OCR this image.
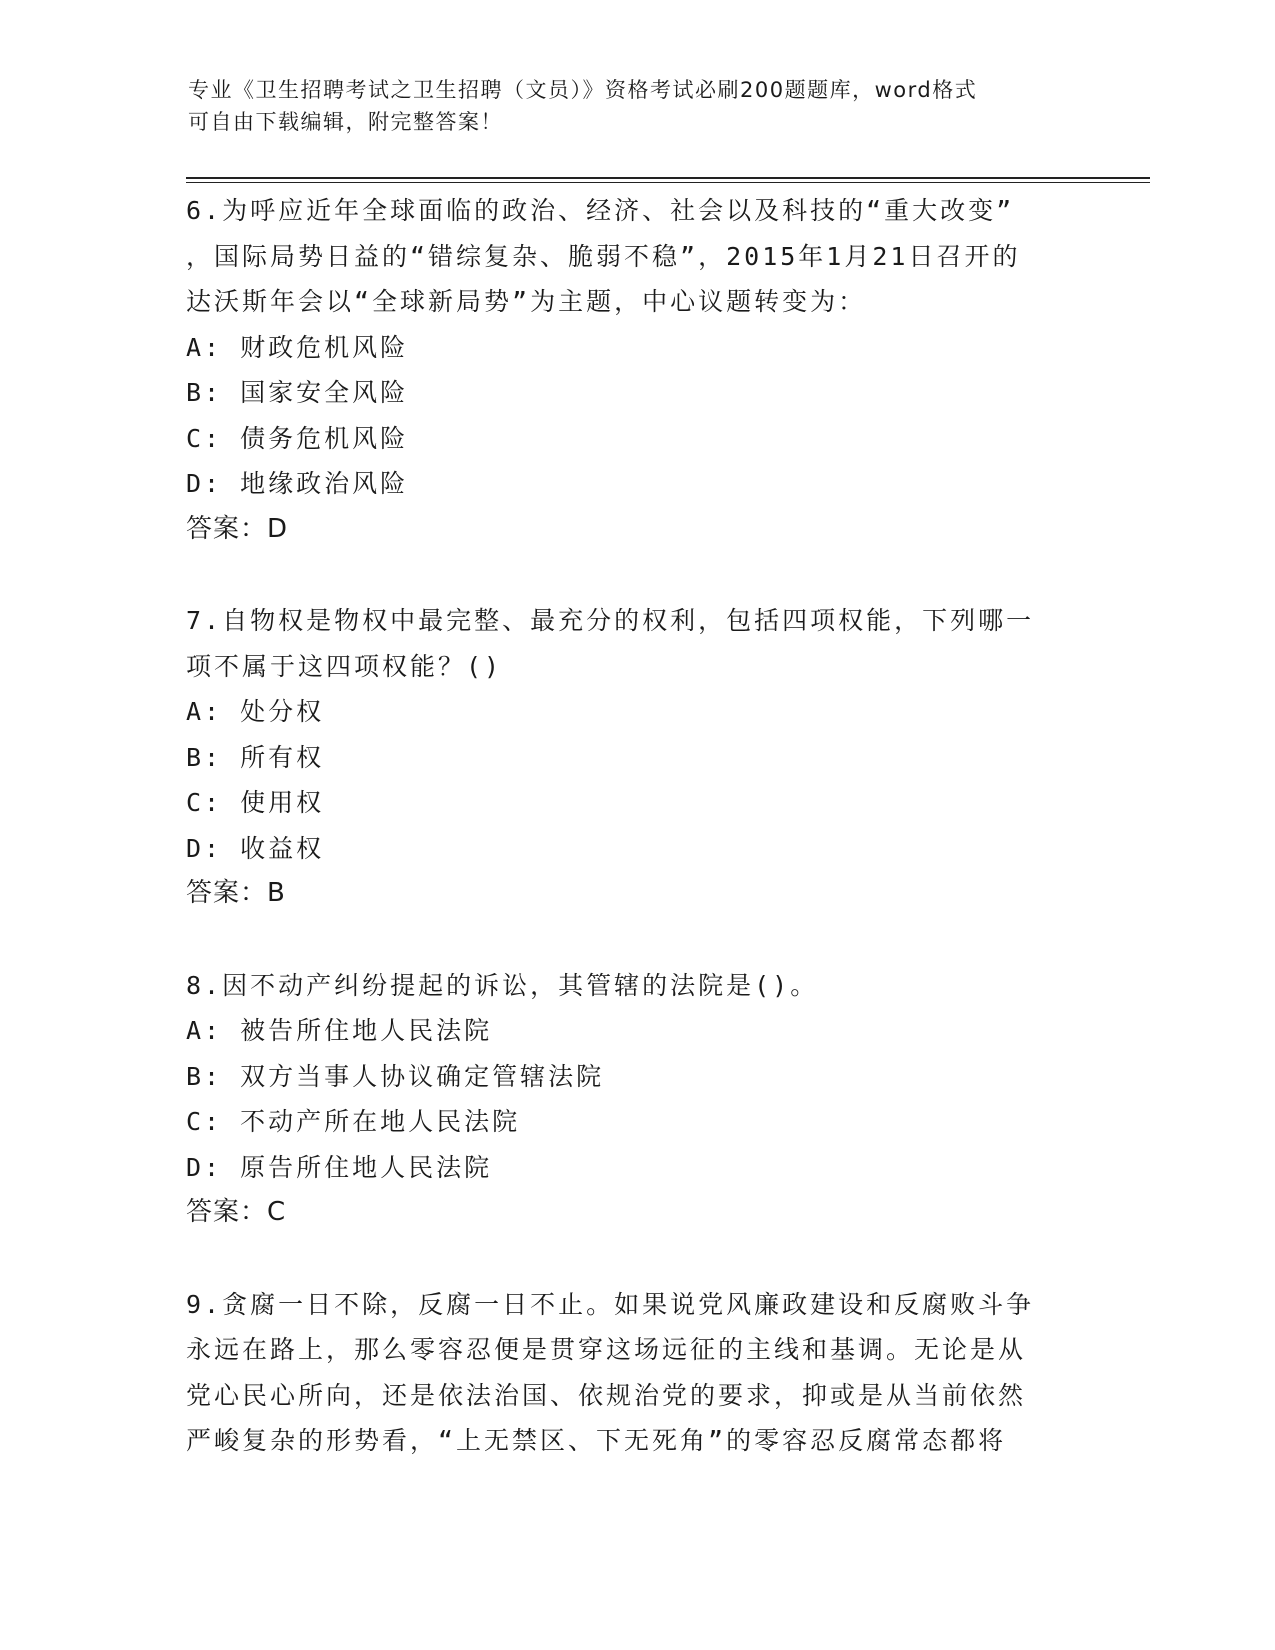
专业《卫生招聘考试之卫生招聘（文员）》资格考试必刷200题题库，word格式
可自由下载编辑，附完整答案！
6.为呼应近年全球面临的政治、经济、社会以及科技的“重大改变”
，国际局势日益的“错综复杂、脆弱不稳”，2015年1月21日召开的
达沃斯年会以“全球新局势”为主题，中心议题转变为：
A: 财政危机风险
B: 国家安全风险
C: 债务危机风险
D: 地缘政治风险
答案：D
7.自物权是物权中最完整、最充分的权利，包括四项权能，下列哪一
项不属于这四项权能？()
A: 处分权
B: 所有权
C: 使用权
D: 收益权
答案：B
8.因不动产纠纷提起的诉讼，其管辖的法院是()。
A: 被告所住地人民法院
B: 双方当事人协议确定管辖法院
C: 不动产所在地人民法院
D: 原告所住地人民法院
答案：C
9.贪腐一日不除，反腐一日不止。如果说党风廉政建设和反腐败斗争
永远在路上，那么零容忍便是贯穿这场远征的主线和基调。无论是从
党心民心所向，还是依法治国、依规治党的要求，抑或是从当前依然
严峻复杂的形势看，“上无禁区、下无死角”的零容忍反腐常态都将
